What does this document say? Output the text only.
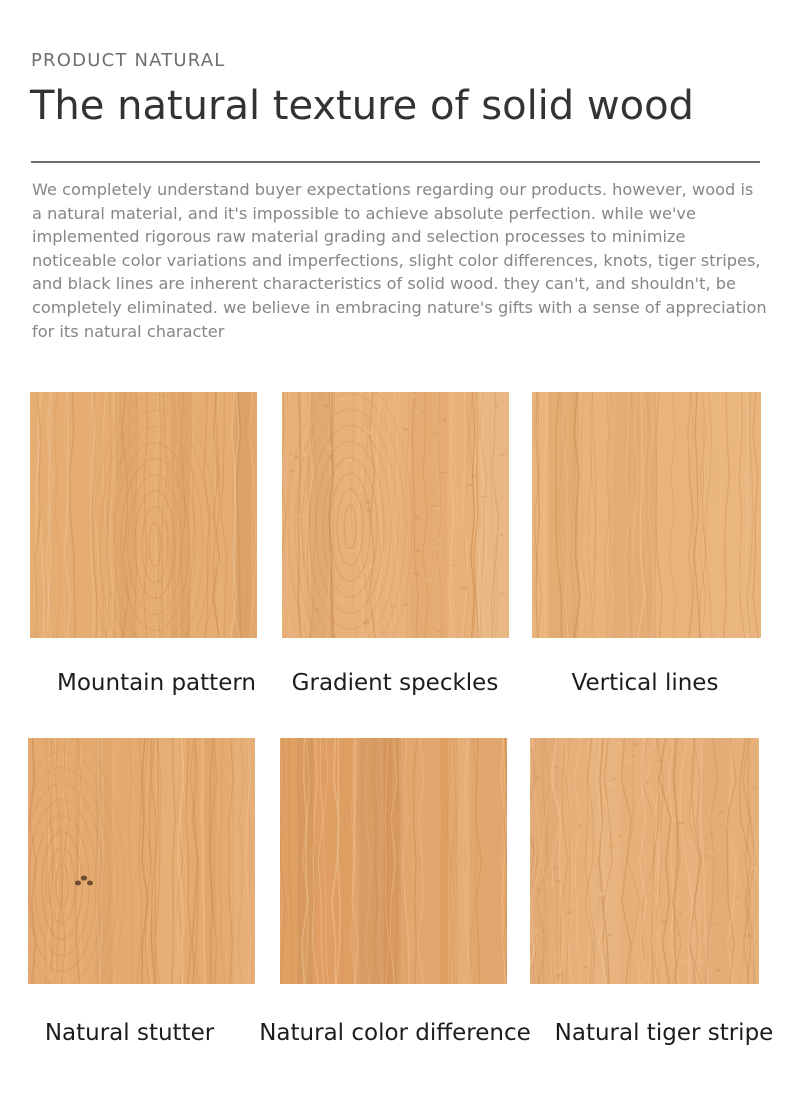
PRODUCT NATURAL

The natural texture of solid wood

We completely understand buyer expectations regarding our products. however, wood is a natural material, and it's impossible to achieve absolute perfection. while we've implemented rigorous raw material grading and selection processes to minimize noticeable color variations and imperfections, slight color differences, knots, tiger stripes, and black lines are inherent characteristics of solid wood. they can't, and shouldn't, be completely eliminated. we believe in embracing nature's gifts with a sense of appreciation for its natural character

Mountain pattern Gradient speckles	Vertical lines

Natural stutter Natural color difference Natural tiger stripe
